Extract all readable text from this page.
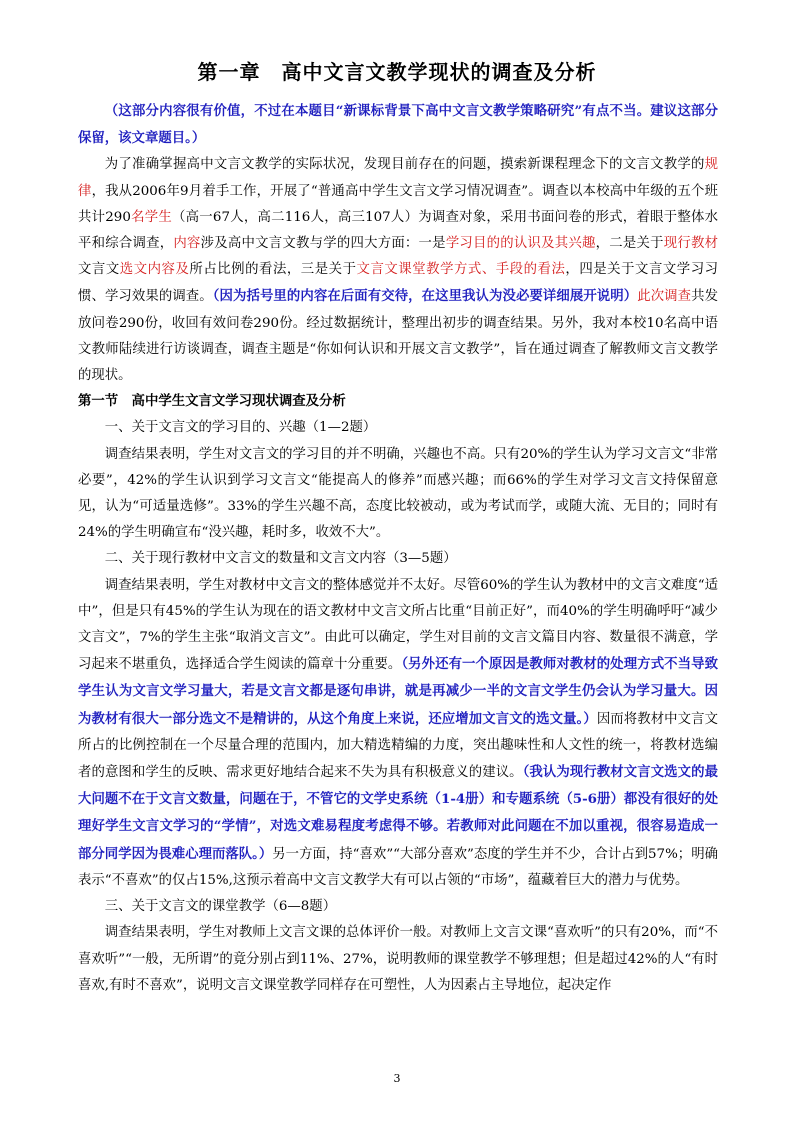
第一章　高中文言文教学现状的调查及分析

（这部分内容很有价值，不过在本题目“新课标背景下高中文言文教学策略研究”有点不当。建议这部分保留，该文章题目。）

为了准确掌握高中文言文教学的实际状况，发现目前存在的问题，摸索新课程理念下的文言文教学的规律，我从2006年9月着手工作，开展了“普通高中学生文言文学习情况调查”。调查以本校高中年级的五个班共计290名学生（高一67人，高二116人，高三107人）为调查对象，采用书面问卷的形式，着眼于整体水平和综合调查，内容涉及高中文言文教与学的四大方面：一是学习目的的认识及其兴趣，二是关于现行教材文言文选文内容及所占比例的看法，三是关于文言文课堂教学方式、手段的看法，四是关于文言文学习习惯、学习效果的调查。（因为括号里的内容在后面有交待，在这里我认为没必要详细展开说明）此次调查共发放问卷290份，收回有效问卷290份。经过数据统计，整理出初步的调查结果。另外，我对本校10名高中语文教师陆续进行访谈调查，调查主题是“你如何认识和开展文言文教学”，旨在通过调查了解教师文言文教学的现状。

第一节　高中学生文言文学习现状调查及分析

一、关于文言文的学习目的、兴趣（1—2题）

调查结果表明，学生对文言文的学习目的并不明确，兴趣也不高。只有20%的学生认为学习文言文“非常必要”，42%的学生认识到学习文言文“能提高人的修养”而感兴趣；而66%的学生对学习文言文持保留意见，认为“可适量选修”。33%的学生兴趣不高，态度比较被动，或为考试而学，或随大流、无目的；同时有24%的学生明确宣布“没兴趣，耗时多，收效不大”。

二、关于现行教材中文言文的数量和文言文内容（3—5题）

调查结果表明，学生对教材中文言文的整体感觉并不太好。尽管60%的学生认为教材中的文言文难度“适中”，但是只有45%的学生认为现在的语文教材中文言文所占比重“目前正好”，而40%的学生明确呼吁“减少文言文”，7%的学生主张“取消文言文”。由此可以确定，学生对目前的文言文篇目内容、数量很不满意，学习起来不堪重负，选择适合学生阅读的篇章十分重要。（另外还有一个原因是教师对教材的处理方式不当导致学生认为文言文学习量大，若是文言文都是逐句串讲，就是再减少一半的文言文学生仍会认为学习量大。因为教材有很大一部分选文不是精讲的，从这个角度上来说，还应增加文言文的选文量。）因而将教材中文言文所占的比例控制在一个尽量合理的范围内，加大精选精编的力度，突出趣味性和人文性的统一，将教材选编者的意图和学生的反映、需求更好地结合起来不失为具有积极意义的建议。（我认为现行教材文言文选文的最大问题不在于文言文数量，问题在于，不管它的文学史系统（1-4册）和专题系统（5-6册）都没有很好的处理好学生文言文学习的“学情”，对选文难易程度考虑得不够。若教师对此问题在不加以重视，很容易造成一部分同学因为畏难心理而落队。）另一方面，持“喜欢”“大部分喜欢”态度的学生并不少，合计占到57%；明确表示“不喜欢”的仅占15%,这预示着高中文言文教学大有可以占领的“市场”，蕴藏着巨大的潜力与优势。

三、关于文言文的课堂教学（6—8题）

调查结果表明，学生对教师上文言文课的总体评价一般。对教师上文言文课“喜欢听”的只有20%，而“不喜欢听”“一般，无所谓”的竟分别占到11%、27%，说明教师的课堂教学不够理想；但是超过42%的人“有时喜欢,有时不喜欢”，说明文言文课堂教学同样存在可塑性，人为因素占主导地位，起决定作

3
